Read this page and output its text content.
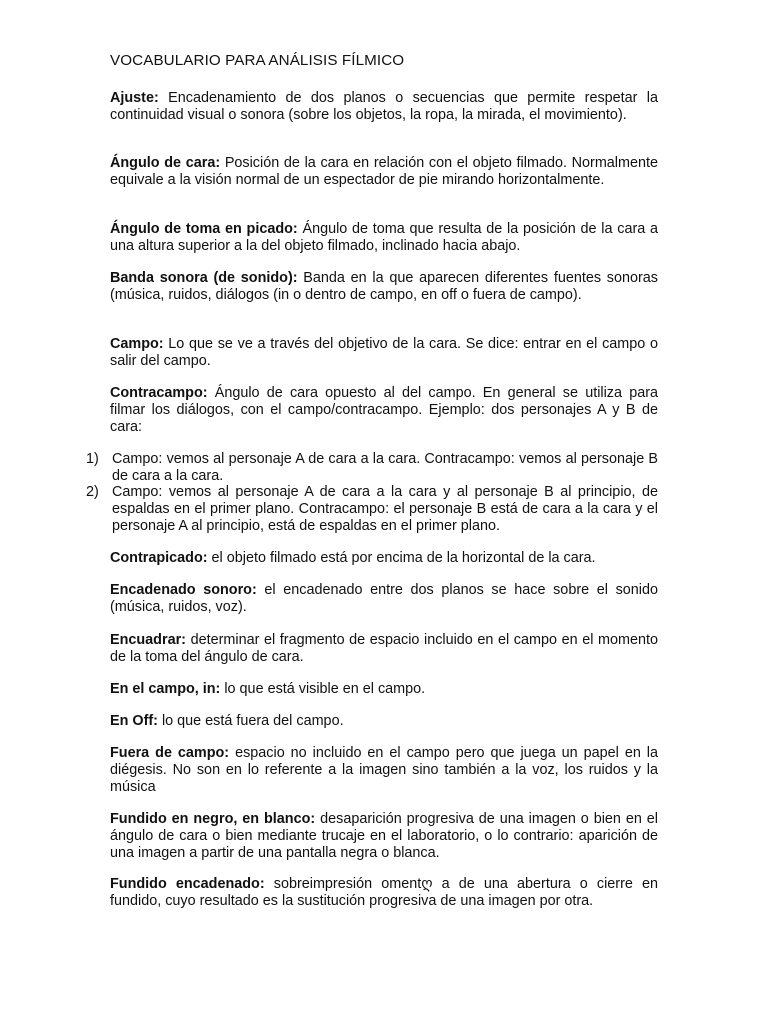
VOCABULARIO PARA ANÁLISIS FÍLMICO

Ajuste: Encadenamiento de dos planos o secuencias que permite respetar la continuidad visual o sonora (sobre los objetos, la ropa, la mirada, el movimiento).

Ángulo de cara: Posición de la cara en relación con el objeto filmado. Normalmente equivale a la visión normal de un espectador de pie mirando horizontalmente.

Ángulo de toma en picado: Ángulo de toma que resulta de la posición de la cara a una altura superior a la del objeto filmado, inclinado hacia abajo.

Banda sonora (de sonido): Banda en la que aparecen diferentes fuentes sonoras (música, ruidos, diálogos (in o dentro de campo, en off o fuera de campo).

Campo: Lo que se ve a través del objetivo de la cara. Se dice: entrar en el campo o salir del campo.

Contracampo: Ángulo de cara opuesto al del campo. En general se utiliza para filmar los diálogos, con el campo/contracampo. Ejemplo: dos personajes A y B de cara:

1) Campo: vemos al personaje A de cara a la cara. Contracampo: vemos al personaje B de cara a la cara.
2) Campo: vemos al personaje A de cara a la cara y al personaje B al principio, de espaldas en el primer plano. Contracampo: el personaje B está de cara a la cara y el personaje A al principio, está de espaldas en el primer plano.

Contrapicado: el objeto filmado está por encima de la horizontal de la cara.

Encadenado sonoro: el encadenado entre dos planos se hace sobre el sonido (música, ruidos, voz).

Encuadrar: determinar el fragmento de espacio incluido en el campo en el momento de la toma del ángulo de cara.

En el campo, in: lo que está visible en el campo.

En Off: lo que está fuera del campo.

Fuera de campo: espacio no incluido en el campo pero que juega un papel en la diégesis. No son en lo referente a la imagen sino también a la voz, los ruidos y la música

Fundido en negro, en blanco: desaparición progresiva de una imagen o bien en el ángulo de cara o bien mediante trucaje en el laboratorio, o lo contrario: aparición de una imagen a partir de una pantalla negra o blanca.

Fundido encadenado: sobreimpresión omentღ a de una abertura o cierre en fundido, cuyo resultado es la sustitución progresiva de una imagen por otra.
